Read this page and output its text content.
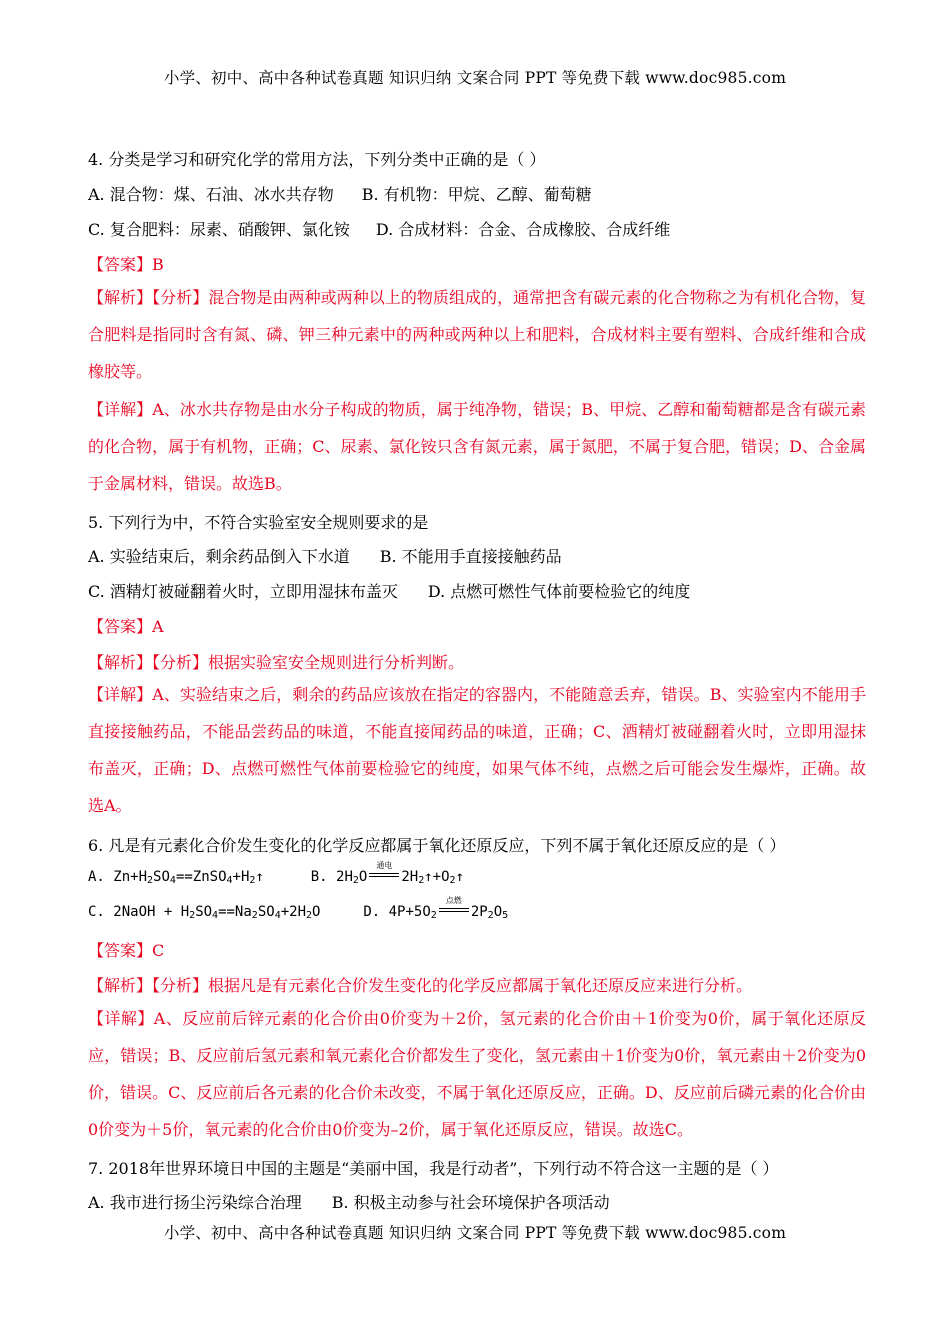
小学、初中、高中各种试卷真题 知识归纳 文案合同 PPT 等免费下载 www.doc985.com
4. 分类是学习和研究化学的常用方法，下列分类中正确的是（ ）
A. 混合物：煤、石油、冰水共存物 B. 有机物：甲烷、乙醇、葡萄糖
C. 复合肥料：尿素、硝酸钾、氯化铵 D. 合成材料：合金、合成橡胶、合成纤维
【答案】B
【解析】【分析】混合物是由两种或两种以上的物质组成的，通常把含有碳元素的化合物称之为有机化合物，复合肥料是指同时含有氮、磷、钾三种元素中的两种或两种以上和肥料，合成材料主要有塑料、合成纤维和合成橡胶等。
【详解】A、冰水共存物是由水分子构成的物质，属于纯净物，错误；B、甲烷、乙醇和葡萄糖都是含有碳元素的化合物，属于有机物，正确；C、尿素、氯化铵只含有氮元素，属于氮肥，不属于复合肥，错误；D、合金属于金属材料，错误。故选B。
5. 下列行为中，不符合实验室安全规则要求的是
A. 实验结束后，剩余药品倒入下水道 B. 不能用手直接接触药品
C. 酒精灯被碰翻着火时，立即用湿抹布盖灭 D. 点燃可燃性气体前要检验它的纯度
【答案】A
【解析】【分析】根据实验室安全规则进行分析判断。
【详解】A、实验结束之后，剩余的药品应该放在指定的容器内，不能随意丢弃，错误。B、实验室内不能用手直接接触药品，不能品尝药品的味道，不能直接闻药品的味道，正确；C、酒精灯被碰翻着火时，立即用湿抹布盖灭，正确；D、点燃可燃性气体前要检验它的纯度，如果气体不纯，点燃之后可能会发生爆炸，正确。故选A。
6. 凡是有元素化合价发生变化的化学反应都属于氧化还原反应，下列不属于氧化还原反应的是（ ）
A. $Zn+H_2SO_4==ZnSO_4+H_2↑$	B. $2H_2O$
通电
$2H_2↑+O_2↑$
C. 2NaOH + $H_2SO_4==Na_2SO_4+2H_2O$  D. $4P+5O_2$
点燃
$2P_2O_5$
【答案】C
【解析】【分析】根据凡是有元素化合价发生变化的化学反应都属于氧化还原反应来进行分析。
【详解】A、反应前后锌元素的化合价由0价变为＋2价，氢元素的化合价由＋1价变为0价，属于氧化还原反应，错误；B、反应前后氢元素和氧元素化合价都发生了变化，氢元素由＋1价变为0价，氧元素由＋2价变为0价，错误。C、反应前后各元素的化合价未改变，不属于氧化还原反应，正确。D、反应前后磷元素的化合价由0价变为＋5价，氧元素的化合价由0价变为–2价，属于氧化还原反应，错误。故选C。
7. 2018年世界环境日中国的主题是“美丽中国，我是行动者”，下列行动不符合这一主题的是（ ）
A. 我市进行扬尘污染综合治理 B. 积极主动参与社会环境保护各项活动
小学、初中、高中各种试卷真题 知识归纳 文案合同 PPT 等免费下载 www.doc985.com
